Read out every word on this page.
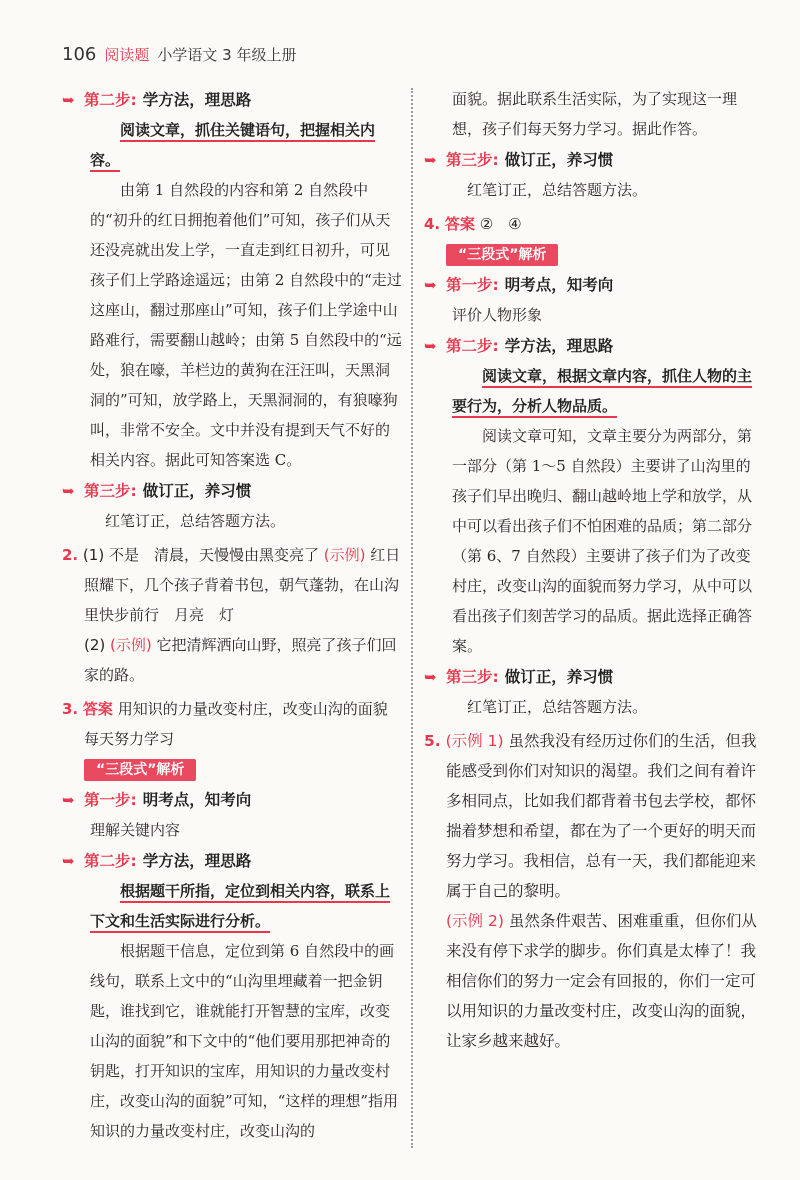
106 阅读题 小学语文 3 年级上册
➥ 第二步: 学方法，理思路

阅读文章，抓住关键语句，把握相关内容。

由第 1 自然段的内容和第 2 自然段中的“初升的红日拥抱着他们”可知，孩子们从天还没亮就出发上学，一直走到红日初升，可见孩子们上学路途遥远；由第 2 自然段中的“走过这座山，翻过那座山”可知，孩子们上学途中山路难行，需要翻山越岭；由第 5 自然段中的“远处，狼在嚎，羊栏边的黄狗在汪汪叫，天黑洞洞的”可知，放学路上，天黑洞洞的，有狼嚎狗叫，非常不安全。文中并没有提到天气不好的相关内容。据此可知答案选 C。

➥ 第三步: 做订正，养习惯

红笔订正，总结答题方法。

2. (1) 不是　清晨，天慢慢由黑变亮了 (示例) 红日照耀下，几个孩子背着书包，朝气蓬勃，在山沟里快步前行　月亮　灯
(2) (示例) 它把清辉洒向山野，照亮了孩子们回家的路。
3. 答案 用知识的力量改变村庄，改变山沟的面貌　每天努力学习
“三段式”解析
➥ 第一步: 明考点，知考向

理解关键内容

➥ 第二步: 学方法，理思路

根据题干所指，定位到相关内容，联系上下文和生活实际进行分析。

根据题干信息，定位到第 6 自然段中的画线句，联系上文中的“山沟里埋藏着一把金钥匙，谁找到它，谁就能打开智慧的宝库，改变山沟的面貌”和下文中的“他们要用那把神奇的钥匙，打开知识的宝库，用知识的力量改变村庄，改变山沟的面貌”可知，“这样的理想”指用知识的力量改变村庄，改变山沟的

面貌。据此联系生活实际，为了实现这一理想，孩子们每天努力学习。据此作答。

➥ 第三步: 做订正，养习惯

红笔订正，总结答题方法。

4. 答案 ②　④
“三段式”解析
➥ 第一步: 明考点，知考向

评价人物形象

➥ 第二步: 学方法，理思路

阅读文章，根据文章内容，抓住人物的主要行为，分析人物品质。

阅读文章可知，文章主要分为两部分，第一部分（第 1～5 自然段）主要讲了山沟里的孩子们早出晚归、翻山越岭地上学和放学，从中可以看出孩子们不怕困难的品质；第二部分（第 6、7 自然段）主要讲了孩子们为了改变村庄，改变山沟的面貌而努力学习，从中可以看出孩子们刻苦学习的品质。据此选择正确答案。

➥ 第三步: 做订正，养习惯

红笔订正，总结答题方法。

5. (示例 1) 虽然我没有经历过你们的生活，但我能感受到你们对知识的渴望。我们之间有着许多相同点，比如我们都背着书包去学校，都怀揣着梦想和希望，都在为了一个更好的明天而努力学习。我相信，总有一天，我们都能迎来属于自己的黎明。
(示例 2) 虽然条件艰苦、困难重重，但你们从来没有停下求学的脚步。你们真是太棒了！我相信你们的努力一定会有回报的，你们一定可以用知识的力量改变村庄，改变山沟的面貌，让家乡越来越好。
